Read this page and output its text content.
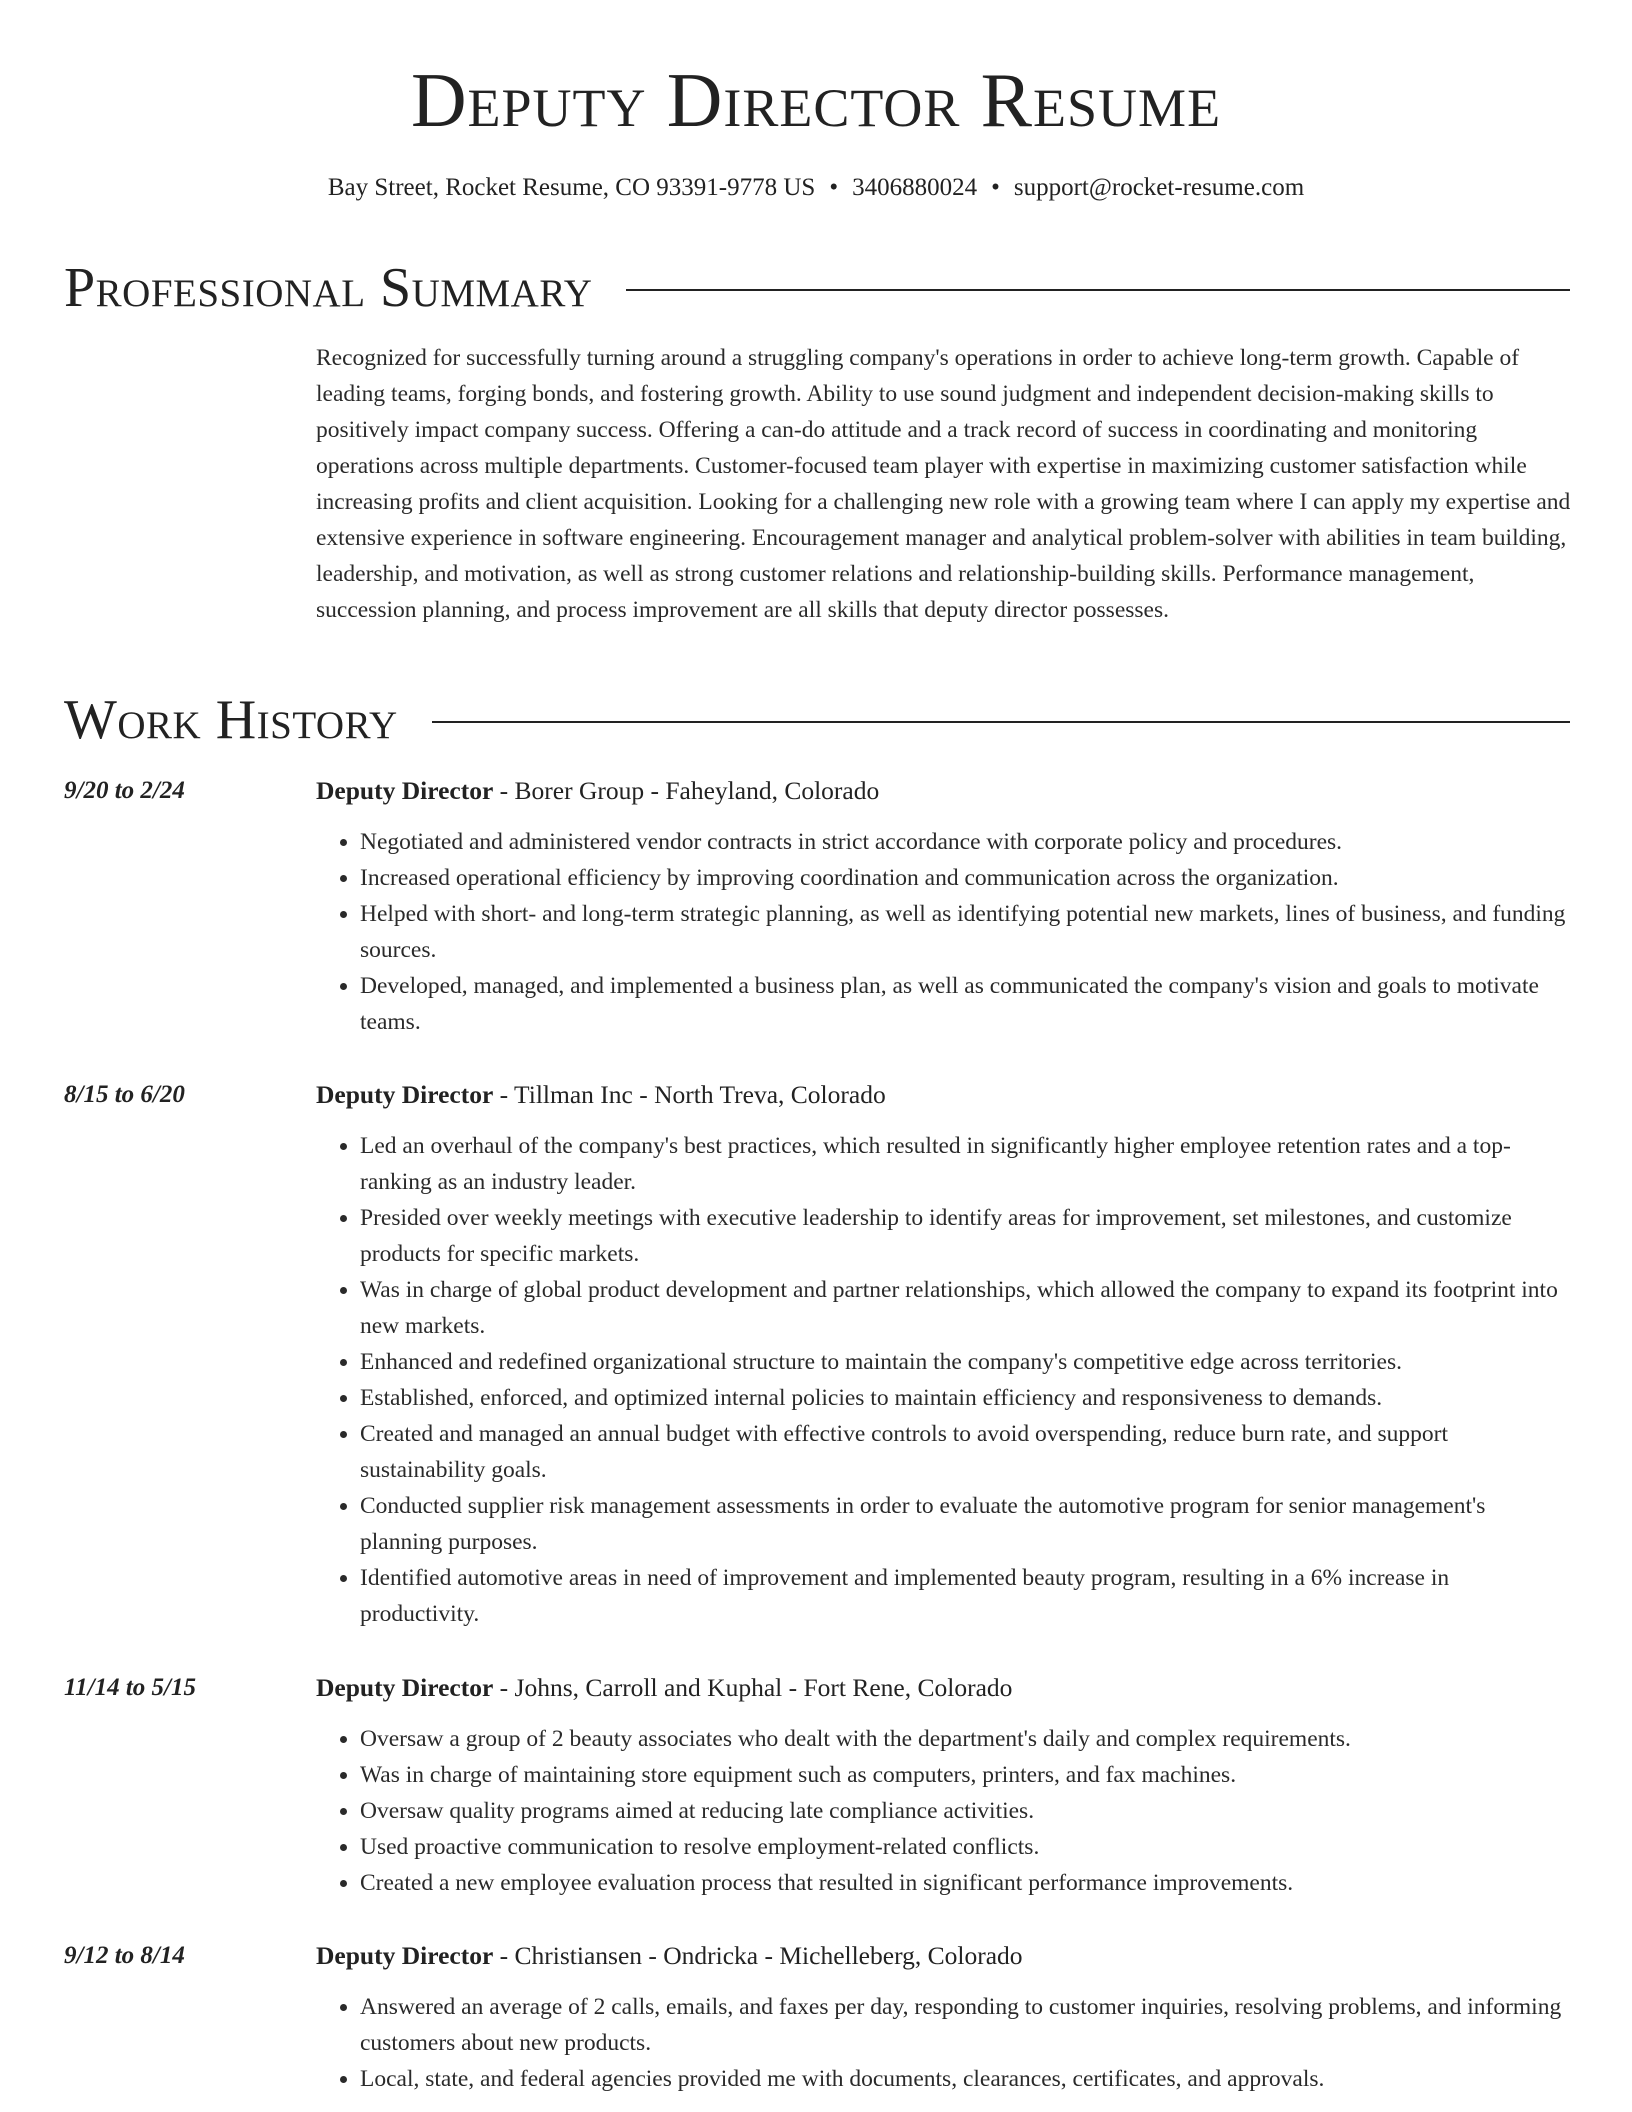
Deputy Director Resume
Bay Street, Rocket Resume, CO 93391-9778 US • 3406880024 • support@rocket-resume.com
Professional Summary

Recognized for successfully turning around a struggling company's operations in order to achieve long-term growth. Capable of leading teams, forging bonds, and fostering growth. Ability to use sound judgment and independent decision-making skills to positively impact company success. Offering a can-do attitude and a track record of success in coordinating and monitoring operations across multiple departments. Customer-focused team player with expertise in maximizing customer satisfaction while increasing profits and client acquisition. Looking for a challenging new role with a growing team where I can apply my expertise and extensive experience in software engineering. Encouragement manager and analytical problem-solver with abilities in team building, leadership, and motivation, as well as strong customer relations and relationship-building skills. Performance management, succession planning, and process improvement are all skills that deputy director possesses.

Work History
9/20 to 2/24	Deputy Director - Borer Group - Faheyland, Colorado
• Negotiated and administered vendor contracts in strict accordance with corporate policy and procedures.
• Increased operational efficiency by improving coordination and communication across the organization.
• Helped with short- and long-term strategic planning, as well as identifying potential new markets, lines of business, and funding sources.
• Developed, managed, and implemented a business plan, as well as communicated the company's vision and goals to motivate teams.
8/15 to 6/20	Deputy Director - Tillman Inc - North Treva, Colorado
• Led an overhaul of the company's best practices, which resulted in significantly higher employee retention rates and a top-ranking as an industry leader.
• Presided over weekly meetings with executive leadership to identify areas for improvement, set milestones, and customize products for specific markets.
• Was in charge of global product development and partner relationships, which allowed the company to expand its footprint into new markets.
• Enhanced and redefined organizational structure to maintain the company's competitive edge across territories.
• Established, enforced, and optimized internal policies to maintain efficiency and responsiveness to demands.
• Created and managed an annual budget with effective controls to avoid overspending, reduce burn rate, and support sustainability goals.
• Conducted supplier risk management assessments in order to evaluate the automotive program for senior management's planning purposes.
• Identified automotive areas in need of improvement and implemented beauty program, resulting in a 6% increase in productivity.
11/14 to 5/15	Deputy Director - Johns, Carroll and Kuphal - Fort Rene, Colorado
• Oversaw a group of 2 beauty associates who dealt with the department's daily and complex requirements.
• Was in charge of maintaining store equipment such as computers, printers, and fax machines.
• Oversaw quality programs aimed at reducing late compliance activities.
• Used proactive communication to resolve employment-related conflicts.
• Created a new employee evaluation process that resulted in significant performance improvements.
9/12 to 8/14	Deputy Director - Christiansen - Ondricka - Michelleberg, Colorado
• Answered an average of 2 calls, emails, and faxes per day, responding to customer inquiries, resolving problems, and informing customers about new products.
• Local, state, and federal agencies provided me with documents, clearances, certificates, and approvals.
